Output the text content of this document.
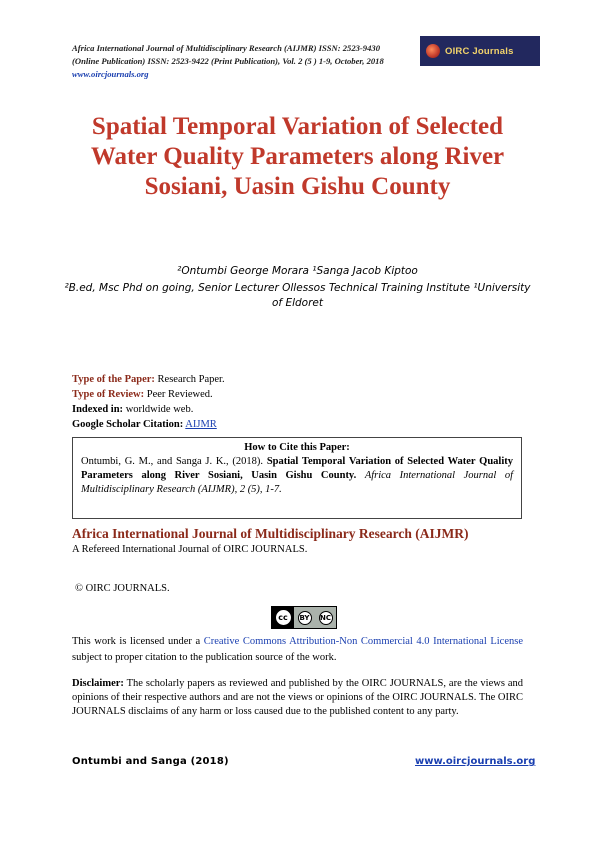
Africa International Journal of Multidisciplinary Research (AIJMR) ISSN: 2523-9430 (Online Publication) ISSN: 2523-9422 (Print Publication), Vol. 2 (5 ) 1-9, October, 2018 www.oircjournals.org
OIRC Journals
Spatial Temporal Variation of Selected Water Quality Parameters along River Sosiani, Uasin Gishu County
²Ontumbi George Morara ¹Sanga Jacob Kiptoo
²B.ed, Msc Phd on going, Senior Lecturer Ollessos Technical Training Institute ¹University of Eldoret
Type of the Paper: Research Paper.
Type of Review: Peer Reviewed.
Indexed in: worldwide web.
Google Scholar Citation: AIJMR
How to Cite this Paper:
Ontumbi, G. M., and Sanga J. K., (2018). Spatial Temporal Variation of Selected Water Quality Parameters along River Sosiani, Uasin Gishu County. Africa International Journal of Multidisciplinary Research (AIJMR), 2 (5), 1-7.
Africa International Journal of Multidisciplinary Research (AIJMR)
A Refereed International Journal of OIRC JOURNALS.
© OIRC JOURNALS.
cc	BY NC
This work is licensed under a Creative Commons Attribution-Non Commercial 4.0 International License subject to proper citation to the publication source of the work.
Disclaimer: The scholarly papers as reviewed and published by the OIRC JOURNALS, are the views and opinions of their respective authors and are not the views or opinions of the OIRC JOURNALS. The OIRC JOURNALS disclaims of any harm or loss caused due to the published content to any party.
Ontumbi and Sanga (2018)	www.oircjournals.org
